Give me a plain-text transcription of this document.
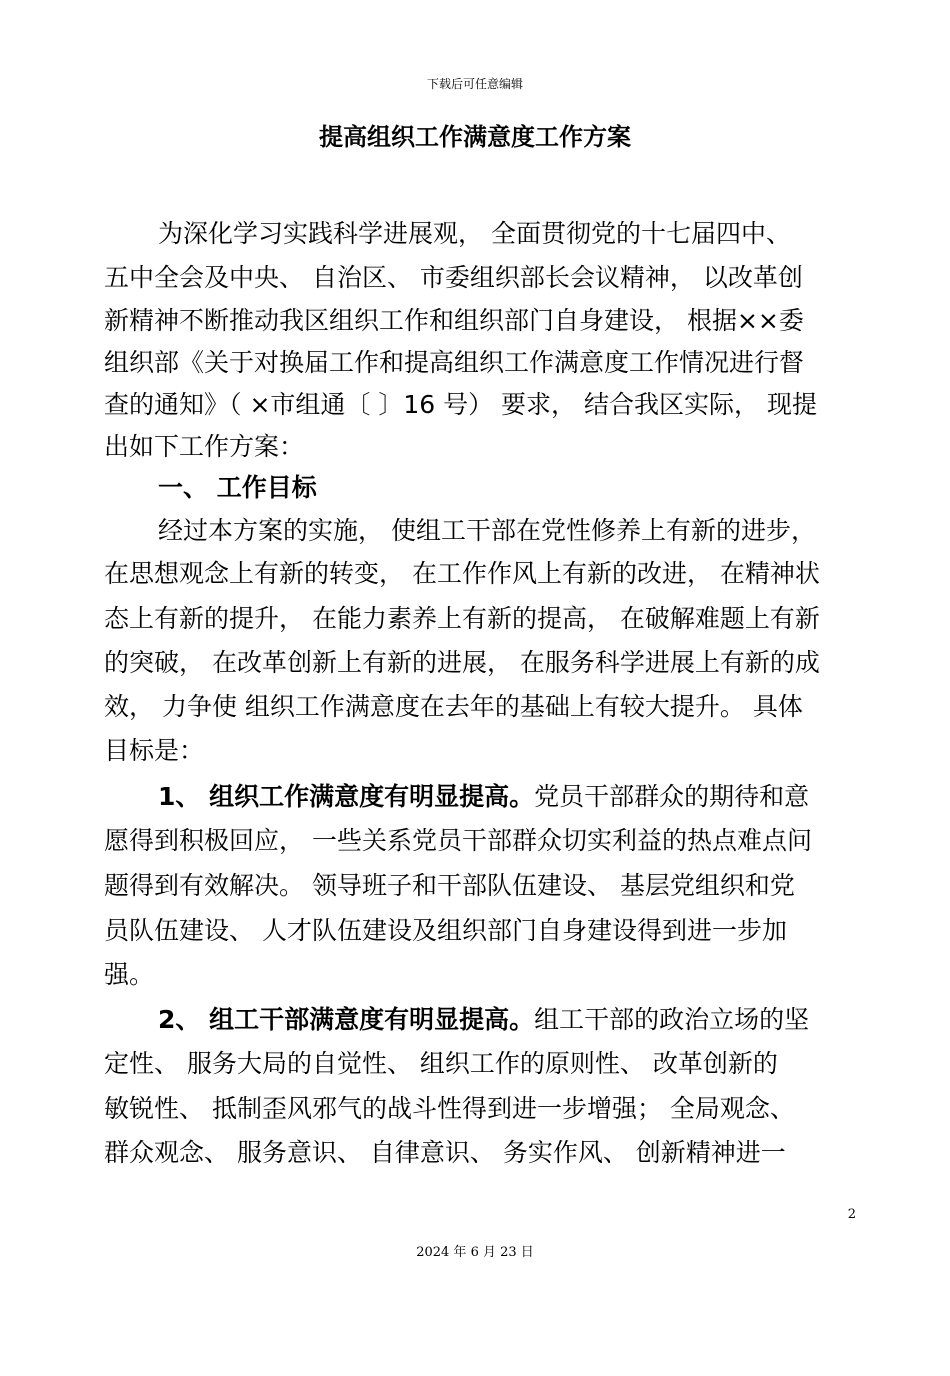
下载后可任意编辑
提高组织工作满意度工作方案
为深化学习实践科学进展观， 全面贯彻党的十七届四中、
五中全会及中央、 自治区、 市委组织部长会议精神， 以改革创
新精神不断推动我区组织工作和组织部门自身建设， 根据××委
组织部《关于对换届工作和提高组织工作满意度工作情况进行督
查的通知》（ ×市组通〔 〕16 号） 要求， 结合我区实际， 现提
出如下工作方案：
一、 工作目标
经过本方案的实施， 使组工干部在党性修养上有新的进步，
在思想观念上有新的转变， 在工作作风上有新的改进， 在精神状
态上有新的提升， 在能力素养上有新的提高， 在破解难题上有新
的突破， 在改革创新上有新的进展， 在服务科学进展上有新的成
效， 力争使 组织工作满意度在去年的基础上有较大提升。 具体
目标是：
1、 组织工作满意度有明显提高。党员干部群众的期待和意
愿得到积极回应， 一些关系党员干部群众切实利益的热点难点问
题得到有效解决。 领导班子和干部队伍建设、 基层党组织和党
员队伍建设、 人才队伍建设及组织部门自身建设得到进一步加
强。
2、 组工干部满意度有明显提高。组工干部的政治立场的坚
定性、 服务大局的自觉性、 组织工作的原则性、 改革创新的
敏锐性、 抵制歪风邪气的战斗性得到进一步增强； 全局观念、
群众观念、 服务意识、 自律意识、 务实作风、 创新精神进一
2
2024 年 6 月 23 日
